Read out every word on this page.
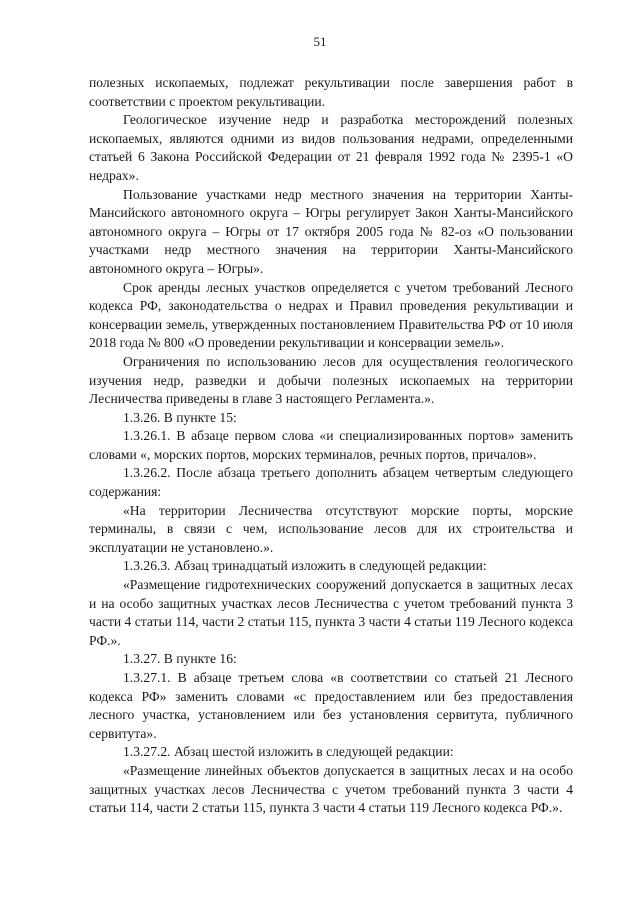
51

полезных ископаемых, подлежат рекультивации после завершения работ в соответствии с проектом рекультивации.

Геологическое изучение недр и разработка месторождений полезных ископаемых, являются одними из видов пользования недрами, определенными статьей 6 Закона Российской Федерации от 21 февраля 1992 года № 2395-1 «О недрах».

Пользование участками недр местного значения на территории Ханты-Мансийского автономного округа – Югры регулирует Закон Ханты-Мансийского автономного округа – Югры от 17 октября 2005 года № 82-оз «О пользовании участками недр местного значения на территории Ханты-Мансийского автономного округа – Югры».

Срок аренды лесных участков определяется с учетом требований Лесного кодекса РФ, законодательства о недрах и Правил проведения рекультивации и консервации земель, утвержденных постановлением Правительства РФ от 10 июля 2018 года № 800 «О проведении рекультивации и консервации земель».

Ограничения по использованию лесов для осуществления геологического изучения недр, разведки и добычи полезных ископаемых на территории Лесничества приведены в главе 3 настоящего Регламента.».

1.3.26. В пункте 15:

1.3.26.1. В абзаце первом слова «и специализированных портов» заменить словами «, морских портов, морских терминалов, речных портов, причалов».

1.3.26.2. После абзаца третьего дополнить абзацем четвертым следующего содержания:

«На территории Лесничества отсутствуют морские порты, морские терминалы, в связи с чем, использование лесов для их строительства и эксплуатации не установлено.».

1.3.26.3. Абзац тринадцатый изложить в следующей редакции:

«Размещение гидротехнических сооружений допускается в защитных лесах и на особо защитных участках лесов Лесничества с учетом требований пункта 3 части 4 статьи 114, части 2 статьи 115, пункта 3 части 4 статьи 119 Лесного кодекса РФ.».

1.3.27. В пункте 16:

1.3.27.1. В абзаце третьем слова «в соответствии со статьей 21 Лесного кодекса РФ» заменить словами «с предоставлением или без предоставления лесного участка, установлением или без установления сервитута, публичного сервитута».

1.3.27.2. Абзац шестой изложить в следующей редакции:

«Размещение линейных объектов допускается в защитных лесах и на особо защитных участках лесов Лесничества с учетом требований пункта 3 части 4 статьи 114, части 2 статьи 115, пункта 3 части 4 статьи 119 Лесного кодекса РФ.».
